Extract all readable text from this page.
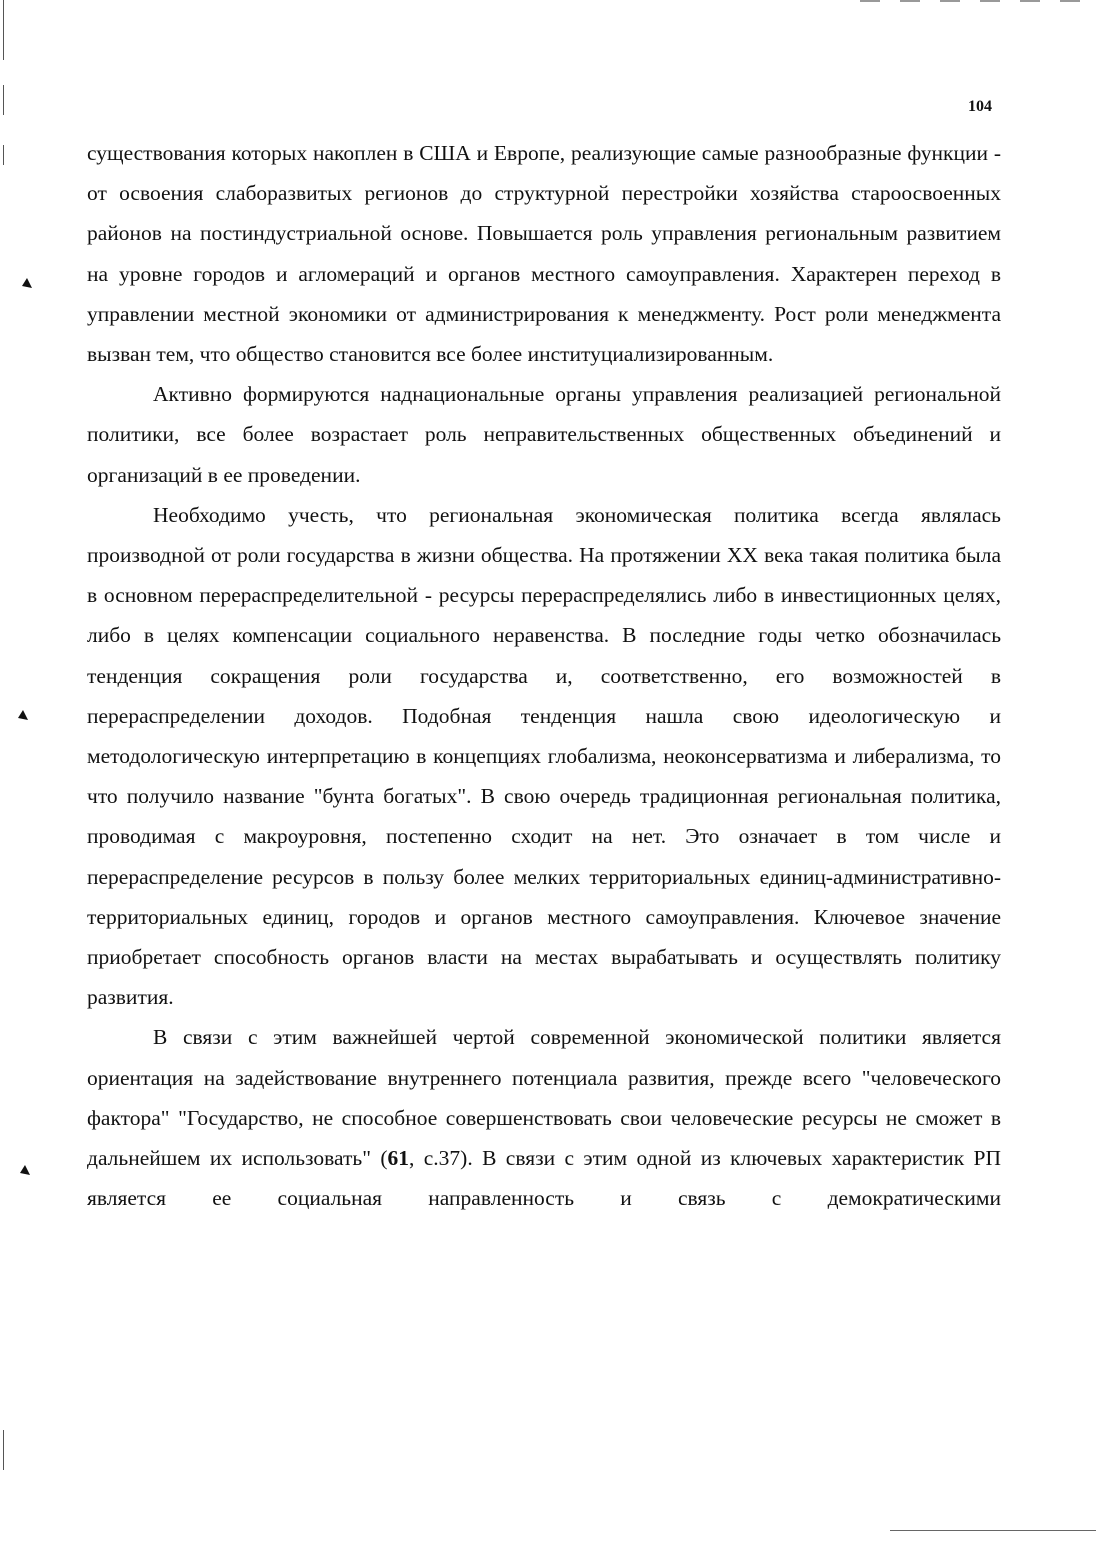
104

существования которых накоплен в США и Европе, реализующие самые разнообразные функции - от освоения слаборазвитых регионов до структурной перестройки хозяйства староосвоенных районов на постиндустриальной основе. Повышается роль управления региональным развитием на уровне городов и агломераций и органов местного самоуправления. Характерен переход в управлении местной экономики от администрирования к менеджменту. Рост роли менеджмента вызван тем, что общество становится все более институциализированным.

Активно формируются наднациональные органы управления реализацией региональной политики, все более возрастает роль неправительственных общественных объединений и организаций в ее проведении.

Необходимо учесть, что региональная экономическая политика всегда являлась производной от роли государства в жизни общества. На протяжении XX века такая политика была в основном перераспределительной - ресурсы перераспределялись либо в инвестиционных целях, либо в целях компенсации социального неравенства. В последние годы четко обозначилась тенденция сокращения роли государства и, соответственно, его возможностей в перераспределении доходов. Подобная тенденция нашла свою идеологическую и методологическую интерпретацию в концепциях глобализма, неоконсерватизма и либерализма, то что получило название "бунта богатых". В свою очередь традиционная региональная политика, проводимая с макроуровня, постепенно сходит на нет. Это означает в том числе и перераспределение ресурсов в пользу более мелких территориальных единиц-административно-территориальных единиц, городов и органов местного самоуправления. Ключевое значение приобретает способность органов власти на местах вырабатывать и осуществлять политику развития.

В связи с этим важнейшей чертой современной экономической политики является ориентация на задействование внутреннего потенциала развития, прежде всего "человеческого фактора" "Государство, не способное совершенствовать свои человеческие ресурсы не сможет в дальнейшем их использовать" (61, с.37). В связи с этим одной из ключевых характеристик РП является ее социальная направленность и связь с демократическими
